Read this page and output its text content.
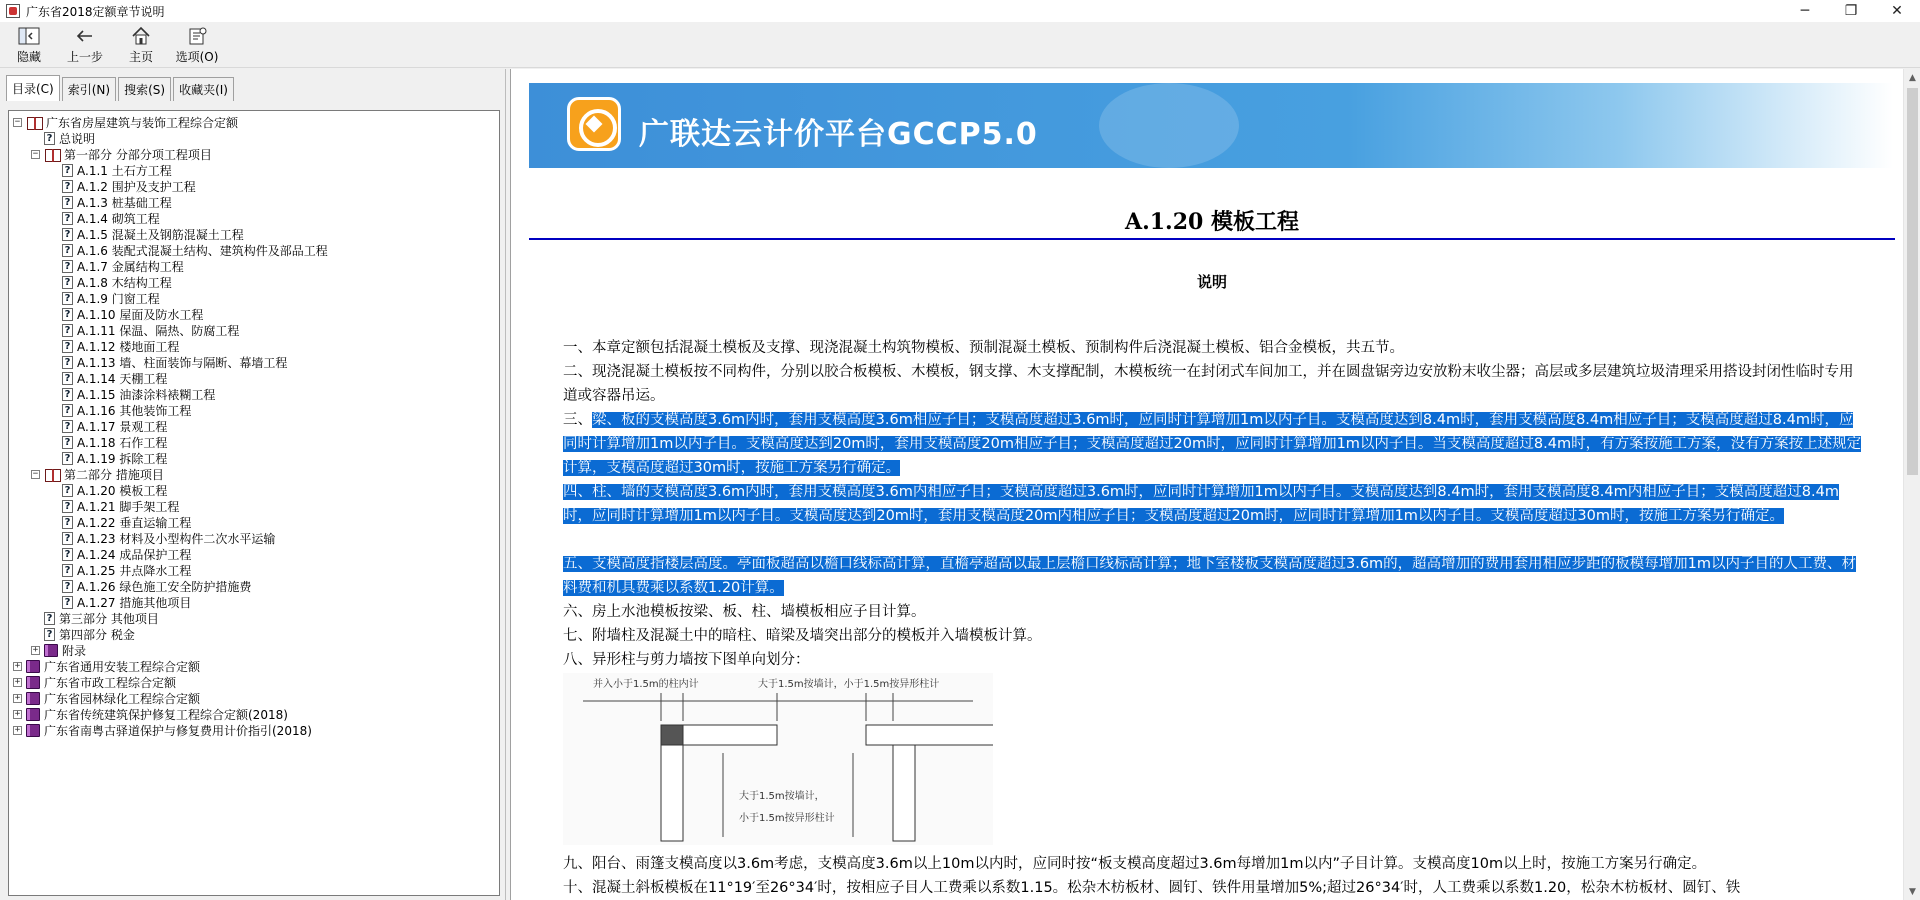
广东省2018定额章节说明	─	❐	✕
隐藏 上一步 主页 选项(O)
目录(C)	索引(N)	搜索(S)	收藏夹(I)
− 广东省房屋建筑与装饰工程综合定额
? 总说明
− 第一部分 分部分项工程项目
? A.1.1 土石方工程
? A.1.2 围护及支护工程
? A.1.3 桩基础工程
? A.1.4 砌筑工程
? A.1.5 混凝土及钢筋混凝土工程
? A.1.6 装配式混凝土结构、建筑构件及部品工程
? A.1.7 金属结构工程
? A.1.8 木结构工程
? A.1.9 门窗工程
? A.1.10 屋面及防水工程
? A.1.11 保温、隔热、防腐工程
? A.1.12 楼地面工程
? A.1.13 墙、柱面装饰与隔断、幕墙工程
? A.1.14 天棚工程
? A.1.15 油漆涂料裱糊工程
? A.1.16 其他装饰工程
? A.1.17 景观工程
? A.1.18 石作工程
? A.1.19 拆除工程
− 第二部分 措施项目
? A.1.20 模板工程
? A.1.21 脚手架工程
? A.1.22 垂直运输工程
? A.1.23 材料及小型构件二次水平运输
? A.1.24 成品保护工程
? A.1.25 井点降水工程
? A.1.26 绿色施工安全防护措施费
? A.1.27 措施其他项目
? 第三部分 其他项目
? 第四部分 税金
+ 附录
+ 广东省通用安装工程综合定额
+ 广东省市政工程综合定额
+ 广东省园林绿化工程综合定额
+ 广东省传统建筑保护修复工程综合定额(2018)
+ 广东省南粤古驿道保护与修复费用计价指引(2018)
广联达云计价平台GCCP5.0
A.1.20 模板工程
说明
一、本章定额包括混凝土模板及支撑、现浇混凝土构筑物模板、预制混凝土模板、预制构件后浇混凝土模板、铝合金模板，共五节。
二、现浇混凝土模板按不同构件，分别以胶合板模板、木模板，钢支撑、木支撑配制，木模板统一在封闭式车间加工，并在圆盘锯旁边安放粉末收尘器；高层或多层建筑垃圾清理采用搭设封闭性临时专用道或容器吊运。
三、梁、板的支模高度3.6m内时，套用支模高度3.6m相应子目；支模高度超过3.6m时，应同时计算增加1m以内子目。支模高度达到8.4m时，套用支模高度8.4m相应子目；支模高度超过8.4m时，应同时计算增加1m以内子目。支模高度达到20m时，套用支模高度20m相应子目；支模高度超过20m时，应同时计算增加1m以内子目。当支模高度超过8.4m时，有方案按施工方案，没有方案按上述规定计算，支模高度超过30m时，按施工方案另行确定。
四、柱、墙的支模高度3.6m内时，套用支模高度3.6m内相应子目；支模高度超过3.6m时，应同时计算增加1m以内子目。支模高度达到8.4m时，套用支模高度8.4m内相应子目；支模高度超过8.4m时，应同时计算增加1m以内子目。支模高度达到20m时，套用支模高度20m内相应子目；支模高度超过20m时，应同时计算增加1m以内子目。支模高度超过30m时，按施工方案另行确定。
五、支模高度指楼层高度。亭面板超高以檐口线标高计算，直檐亭超高以最上层檐口线标高计算；地下室楼板支模高度超过3.6m的，超高增加的费用套用相应步距的板模每增加1m以内子目的人工费、材料费和机具费乘以系数1.20计算。
六、房上水池模板按梁、板、柱、墙模板相应子目计算。
七、附墙柱及混凝土中的暗柱、暗梁及墙突出部分的模板并入墙模板计算。
八、异形柱与剪力墙按下图单向划分：
并入小于1.5m的柱内计	大于1.5m按墙计，小于1.5m按异形柱计
大于1.5m按墙计，
小于1.5m按异形柱计
九、阳台、雨篷支模高度以3.6m考虑，支模高度3.6m以上10m以内时，应同时按“板支模高度超过3.6m每增加1m以内”子目计算。支模高度10m以上时，按施工方案另行确定。
十、混凝土斜板模板在11°19′至26°34′时，按相应子目人工费乘以系数1.15。松杂木枋板材、圆钉、铁件用量增加5%;超过26°34′时，人工费乘以系数1.20，松杂木枋板材、圆钉、铁
▲
▼
